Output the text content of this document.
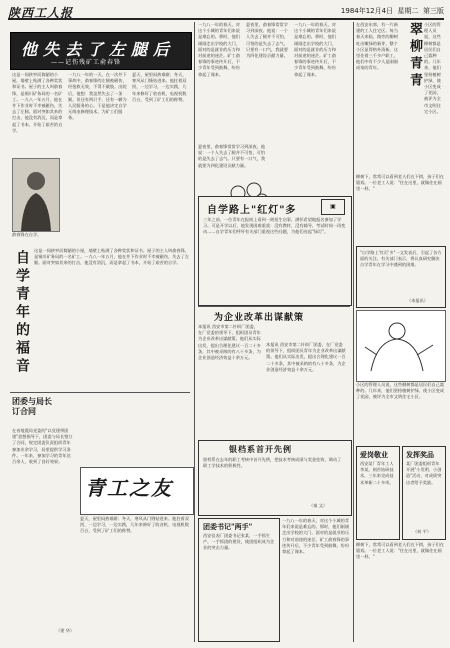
陕西工人报	1984年12月4日 星期二 第三版
他失去了左腿后
——记伤残矿工俞春锋
这是一间狭窄而简陋的小屋，墙壁上贴满了各种奖状和证书。屋子的主人叫俞春锋，是铜川矿务局的一名矿工。一九八一年五月，他在井下作业时不幸被砸伤，失去了左腿。面对突如其来的打击，他没有消沉，而是拿起了书本，开始了艰苦的自学。
一九八一年的一天，在一次井下事故中，俞春锋的左腿被砸伤，经抢救无效，不得不截肢。出院后，他想：我虽然失去了一条腿，但还有两只手，还有一颗为人民服务的心。于是他决定自学无线电修理技术，为矿工们服务。
夏天，屋里闷热难耐；冬天，寒风从门缝钻进来。他拄着双拐，一边学习，一边实践，几年来修好了收音机、电视机数百台，受到了矿工们的称赞。
俞春锋在自学。
自学青年的福音 这是一间狭窄而简陋的小屋，墙壁上贴满了各种奖状和证书。屋子的主人叫俞春锋，是铜川矿务局的一名矿工。一九八一年五月，他在井下作业时不幸被砸伤，失去了左腿。面对突如其来的打击，他没有消沉，而是拿起了书本，开始了艰苦的自学。
团委与局长订合同
在省地震局党委的"以党建带团建"思想指导下，团委与局长签订了合同，规定团委负责组织青年参加业余学习，局里提供学习条件。一年来，参加学习的青年达百余人，收到了良好效果。
（建 华）
青工之友
夏天，屋里闷热难耐；冬天，寒风从门缝钻进来。他拄着双拐，一边学习，一边实践，几年来修好了收音机、电视机数百台，受到了矿工们的称赞。
一九八一年的春天，对这个小城的青年们来说是难忘的。那时，他们刚刚走出学校的大门，面对的是就业的压力和对前途的迷茫。矿工俞春锋的事迹传开后，不少青年受到鼓舞，纷纷拿起了课本。
夏夜里，俞春锋常常学习到深夜。他说：一个人失去了腿并不可怕，可怕的是失去了志气。只要有一口气，我就要为四化建设贡献力量。
一九八一年的春天，对这个小城的青年们来说是难忘的。那时，他们刚刚走出学校的大门，面对的是就业的压力和对前途的迷茫。矿工俞春锋的事迹传开后，不少青年受到鼓舞，纷纷拿起了课本。
夏夜里，俞春锋常常学习到深夜。他说：一个人失去了腿并不可怕，可怕的是失去了志气。只要有一口气，我就要为四化建设贡献力量。
自学路上"红灯"多	▣
三年之前，一位青年在报纸上看到一则招生启事，满怀希望地报名参加了学习。可是开学以后，他发现困难重重：没有教材，没有辅导，考试时间一再变动……自学青年们呼吁有关部门重视这些问题，为他们亮起"绿灯"。
为企业改革出谋献策
本报讯 西安市第二针织厂团委，在厂党委的领导下，组织团员青年为企业改革出谋献策。他们从实际出发，提出合理化建议一百二十多条，其中被采纳的有八十多条，为企业创造经济效益十余万元。
本报讯 西安市第二针织厂团委，在厂党委的领导下，组织团员青年为企业改革出谋献策。他们从实际出发，提出合理化建议一百二十多条，其中被采纳的有八十多条，为企业创造经济效益十余万元。
银档系首开先例
银档系在去年的职工考核中首开先例，把技术考核成绩与奖金挂钩，调动了职工学技术的积极性。
（秦 文）
团委书记"两手"
西安仪表厂团委书记张某，一手抓生产，一手抓团的建设，使团组织成为企业的突击力量。
一九八一年的春天，对这个小城的青年们来说是难忘的。那时，他们刚刚走出学校的大门，面对的是就业的压力和对前途的迷茫。矿工俞春锋的事迹传开后，不少青年受到鼓舞，纷纷拿起了课本。
在西安东郊，有一片新建的工人住宅区。每当春天来临，路旁的柳树吐出嫩绿的新芽，整个小区显得格外清新。这里住着三千多户职工，他们中有不少人是刚刚成家的青年。	翠柳青青 小区的管理人员说，这些柳树都是居民们自己栽种的。几年来，他们坚持植树护绿，使小区变成了花园，被评为全市文明住宅小区。
柳树下，常常可以看到老人们在下棋，孩子们在嬉戏。一位老工人说："住在这里，就像住在画里一样。"
"自学路上'红灯'多"一文发表后，引起了各方面的关注。有关部门表示，将认真研究解决自学青年在学习中遇到的困难。
（本报讯）
小区的管理人员说，这些柳树都是居民们自己栽种的。几年来，他们坚持植树护绿，使小区变成了花园，被评为全市文明住宅小区。
爱岗敬业
西安某厂青年工人李某，刻苦钻研技术，三年来完成技术革新二十多项。
发挥奖品
某厂团委组织青年开展"小发明、小创造"活动，对成绩突出者给予奖励。
（何 平）
柳树下，常常可以看到老人们在下棋，孩子们在嬉戏。一位老工人说："住在这里，就像住在画里一样。"
